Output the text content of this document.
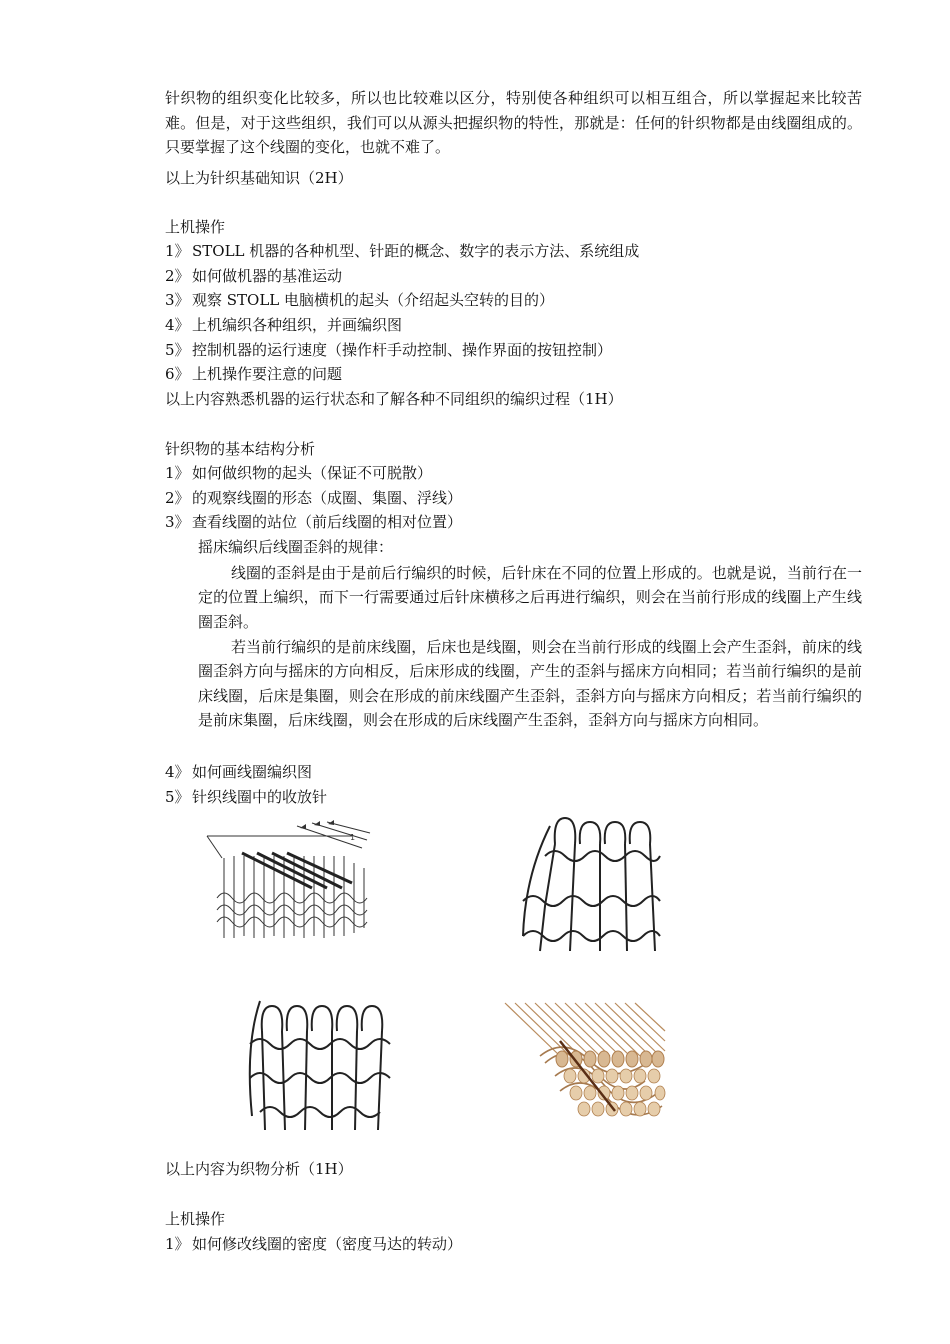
针织物的组织变化比较多，所以也比较难以区分，特别使各种组织可以相互组合，所以掌握起来比较苦难。但是，对于这些组织，我们可以从源头把握织物的特性，那就是：任何的针织物都是由线圈组成的。只要掌握了这个线圈的变化，也就不难了。
以上为针织基础知识（2H）
上机操作
1》 STOLL 机器的各种机型、针距的概念、数字的表示方法、系统组成
2》 如何做机器的基准运动
3》 观察 STOLL 电脑横机的起头（介绍起头空转的目的）
4》 上机编织各种组织，并画编织图
5》 控制机器的运行速度（操作杆手动控制、操作界面的按钮控制）
6》 上机操作要注意的问题
以上内容熟悉机器的运行状态和了解各种不同组织的编织过程（1H）
针织物的基本结构分析
1》 如何做织物的起头（保证不可脱散）
2》 的观察线圈的形态（成圈、集圈、浮线）
3》 查看线圈的站位（前后线圈的相对位置）
摇床编织后线圈歪斜的规律：
线圈的歪斜是由于是前后行编织的时候，后针床在不同的位置上形成的。也就是说，当前行在一定的位置上编织，而下一行需要通过后针床横移之后再进行编织，则会在当前行形成的线圈上产生线圈歪斜。
若当前行编织的是前床线圈，后床也是线圈，则会在当前行形成的线圈上会产生歪斜，前床的线圈歪斜方向与摇床的方向相反，后床形成的线圈，产生的歪斜与摇床方向相同；若当前行编织的是前床线圈，后床是集圈，则会在形成的前床线圈产生歪斜，歪斜方向与摇床方向相反；若当前行编织的是前床集圈，后床线圈，则会在形成的后床线圈产生歪斜，歪斜方向与摇床方向相同。
4》 如何画线圈编织图
5》 针织线圈中的收放针
1
以上内容为织物分析（1H）
上机操作
1》 如何修改线圈的密度（密度马达的转动）
